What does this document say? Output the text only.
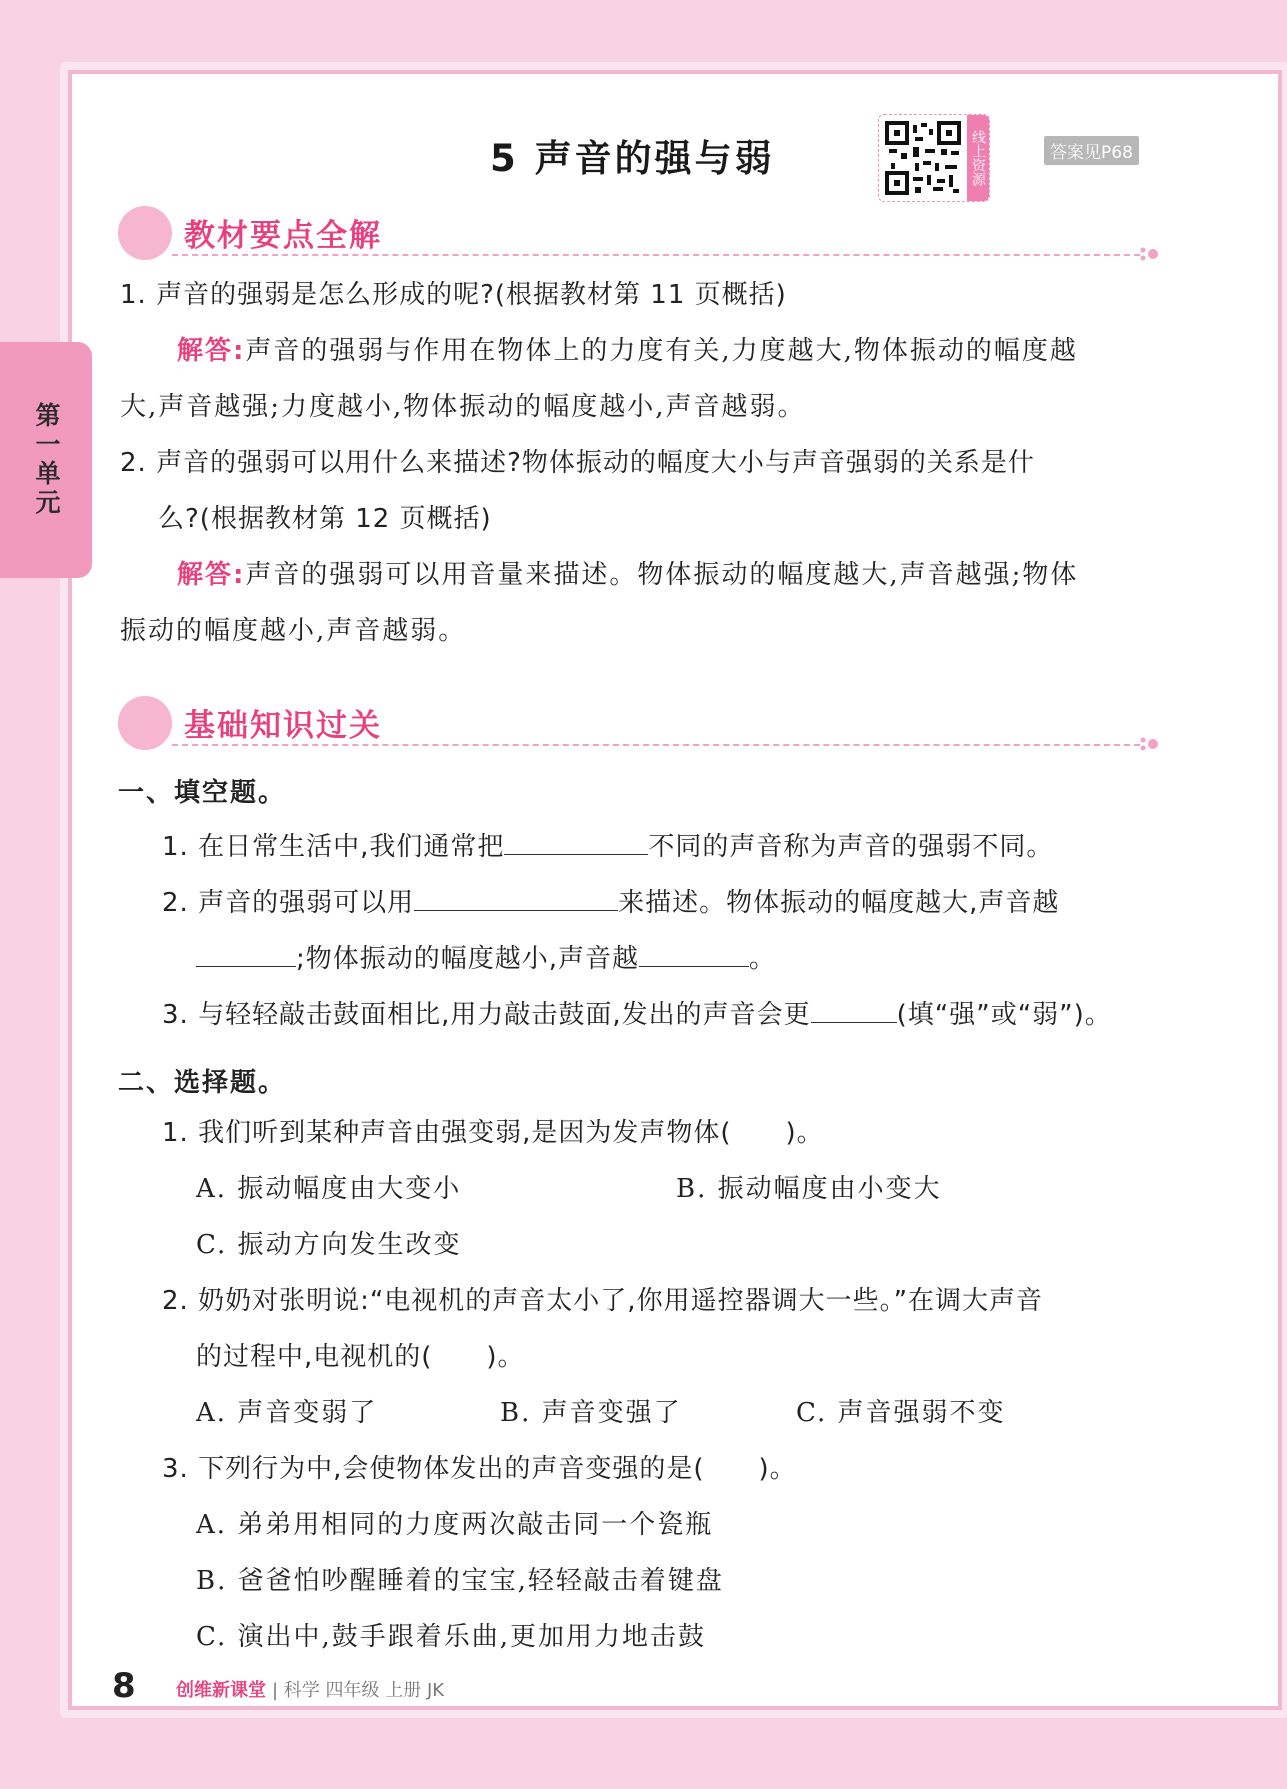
第一单元
5 声音的强与弱	线上资源	答案见P68
教材要点全解
1. 声音的强弱是怎么形成的呢?(根据教材第 11 页概括)
解答:声音的强弱与作用在物体上的力度有关,力度越大,物体振动的幅度越
大,声音越强;力度越小,物体振动的幅度越小,声音越弱。
2. 声音的强弱可以用什么来描述?物体振动的幅度大小与声音强弱的关系是什
么?(根据教材第 12 页概括)
解答:声音的强弱可以用音量来描述。物体振动的幅度越大,声音越强;物体
振动的幅度越小,声音越弱。
基础知识过关
一、填空题。
1. 在日常生活中,我们通常把	不同的声音称为声音的强弱不同。
2. 声音的强弱可以用	来描述。物体振动的幅度越大,声音越
;物体振动的幅度越小,声音越	。
3. 与轻轻敲击鼓面相比,用力敲击鼓面,发出的声音会更	(填“强”或“弱”)。
二、选择题。
1. 我们听到某种声音由强变弱,是因为发声物体(　　)。
A. 振动幅度由大变小	B. 振动幅度由小变大
C. 振动方向发生改变
2. 奶奶对张明说:“电视机的声音太小了,你用遥控器调大一些。”在调大声音
的过程中,电视机的(　　)。
A. 声音变弱了	B. 声音变强了	C. 声音强弱不变
3. 下列行为中,会使物体发出的声音变强的是(　　)。
A. 弟弟用相同的力度两次敲击同一个瓷瓶
B. 爸爸怕吵醒睡着的宝宝,轻轻敲击着键盘
C. 演出中,鼓手跟着乐曲,更加用力地击鼓
8 创维新课堂 | 科学 四年级 上册 JK
